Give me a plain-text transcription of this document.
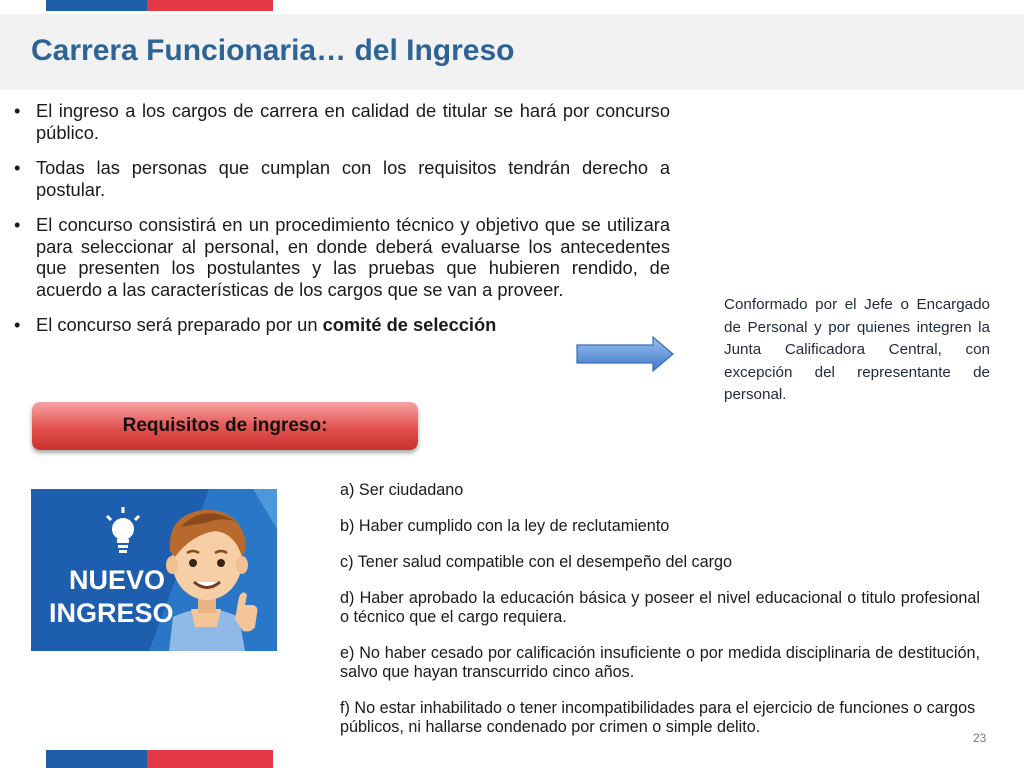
Carrera Funcionaria… del Ingreso
• El ingreso a los cargos de carrera en calidad de titular se hará por concurso público.
• Todas las personas que cumplan con los requisitos tendrán derecho a postular.
• El concurso consistirá en un procedimiento técnico y objetivo que se utilizara para seleccionar al personal, en donde deberá evaluarse los antecedentes que presenten los postulantes y las pruebas que hubieren rendido, de acuerdo a las características de los cargos que se van a proveer.
• El concurso será preparado por un comité de selección
Conformado por el Jefe o Encargado de Personal y por quienes integren la Junta Calificadora Central, con excepción del representante de personal.
Requisitos de ingreso:
NUEVO
INGRESO

a) Ser ciudadano

b) Haber cumplido con la ley de reclutamiento

c) Tener salud compatible con el desempeño del cargo

d) Haber aprobado la educación básica y poseer el nivel educacional o titulo profesional o técnico que el cargo requiera.

e) No haber cesado por calificación insuficiente o por medida disciplinaria de destitución, salvo que hayan transcurrido cinco años.

f) No estar inhabilitado o tener incompatibilidades para el ejercicio de funciones o cargos públicos, ni hallarse condenado por crimen o simple delito.

23
